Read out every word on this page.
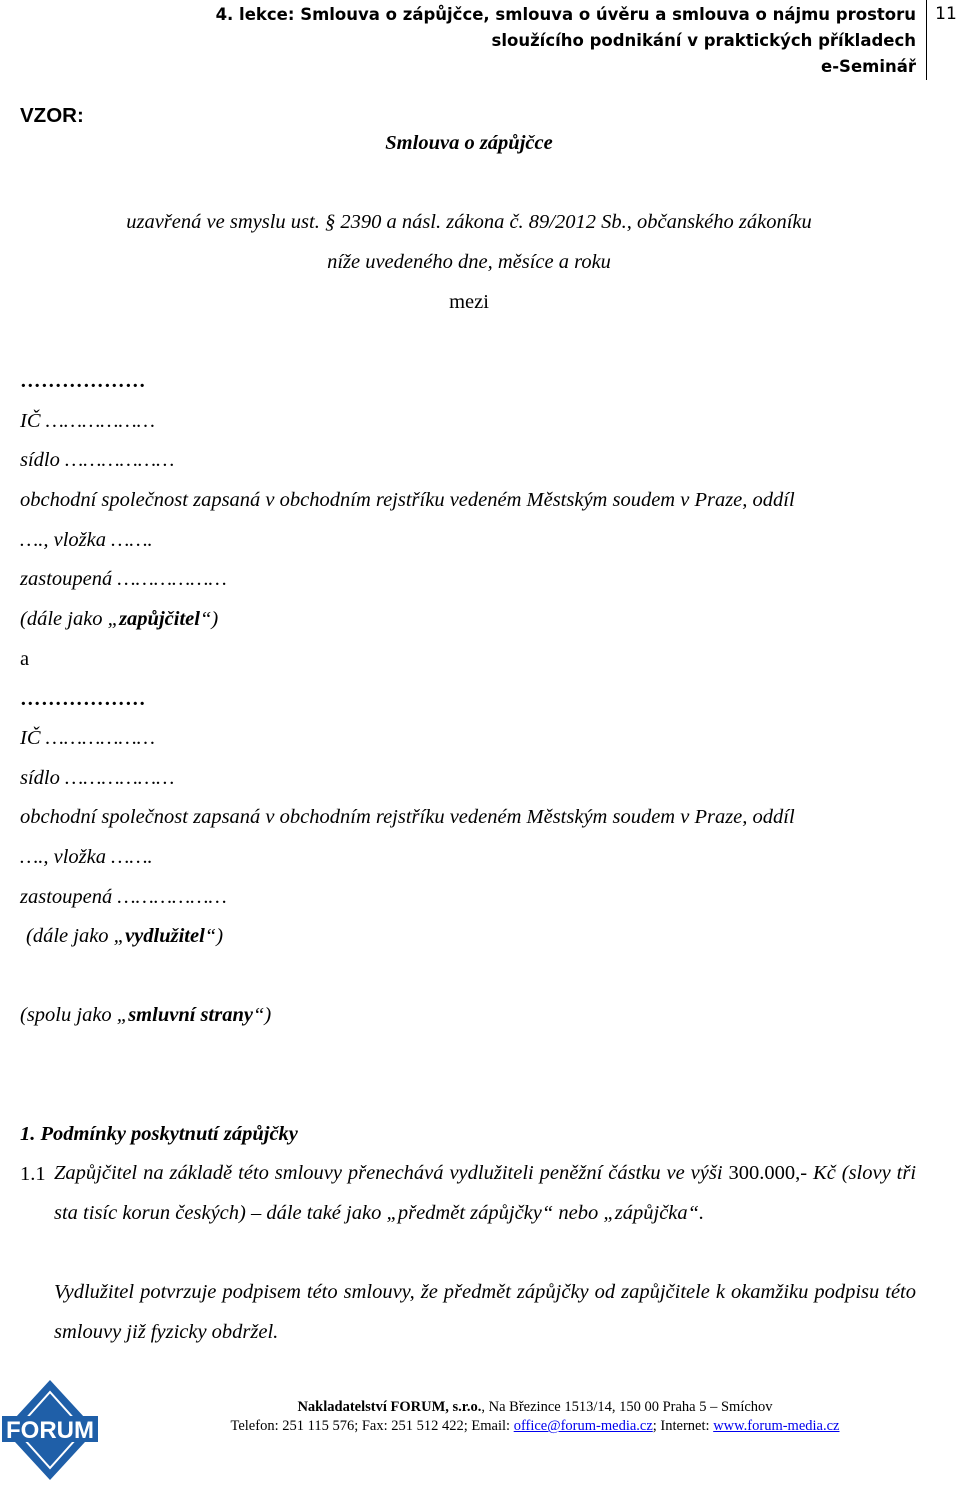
4. lekce: Smlouva o zápůjčce, smlouva o úvěru a smlouva o nájmu prostoru
sloužícího podnikání v praktických příkladech
e-Seminář
11
VZOR:
Smlouva o zápůjčce
uzavřená ve smyslu ust. § 2390 a násl. zákona č. 89/2012 Sb., občanského zákoníku
níže uvedeného dne, měsíce a roku
mezi
………………
IČ ………………
sídlo ………………
obchodní společnost zapsaná v obchodním rejstříku vedeném Městským soudem v Praze, oddíl
…., vložka …….
zastoupená ………………
(dále jako „zapůjčitel“)
a
………………
IČ ………………
sídlo ………………
obchodní společnost zapsaná v obchodním rejstříku vedeném Městským soudem v Praze, oddíl
…., vložka …….
zastoupená ………………
(dále jako „vydlužitel“)
(spolu jako „smluvní strany“)
1. Podmínky poskytnutí zápůjčky
1.1 Zapůjčitel na základě této smlouvy přenechává vydlužiteli peněžní částku ve výši 300.000,- Kč (slovy tři sta tisíc korun českých) – dále také jako „předmět zápůjčky“ nebo „zápůjčka“.
Vydlužitel potvrzuje podpisem této smlouvy, že předmět zápůjčky od zapůjčitele k okamžiku podpisu této smlouvy již fyzicky obdržel.
FORUM
Nakladatelství FORUM, s.r.o., Na Březince 1513/14, 150 00 Praha 5 – Smíchov
Telefon: 251 115 576; Fax: 251 512 422; Email: office@forum-media.cz; Internet: www.forum-media.cz
